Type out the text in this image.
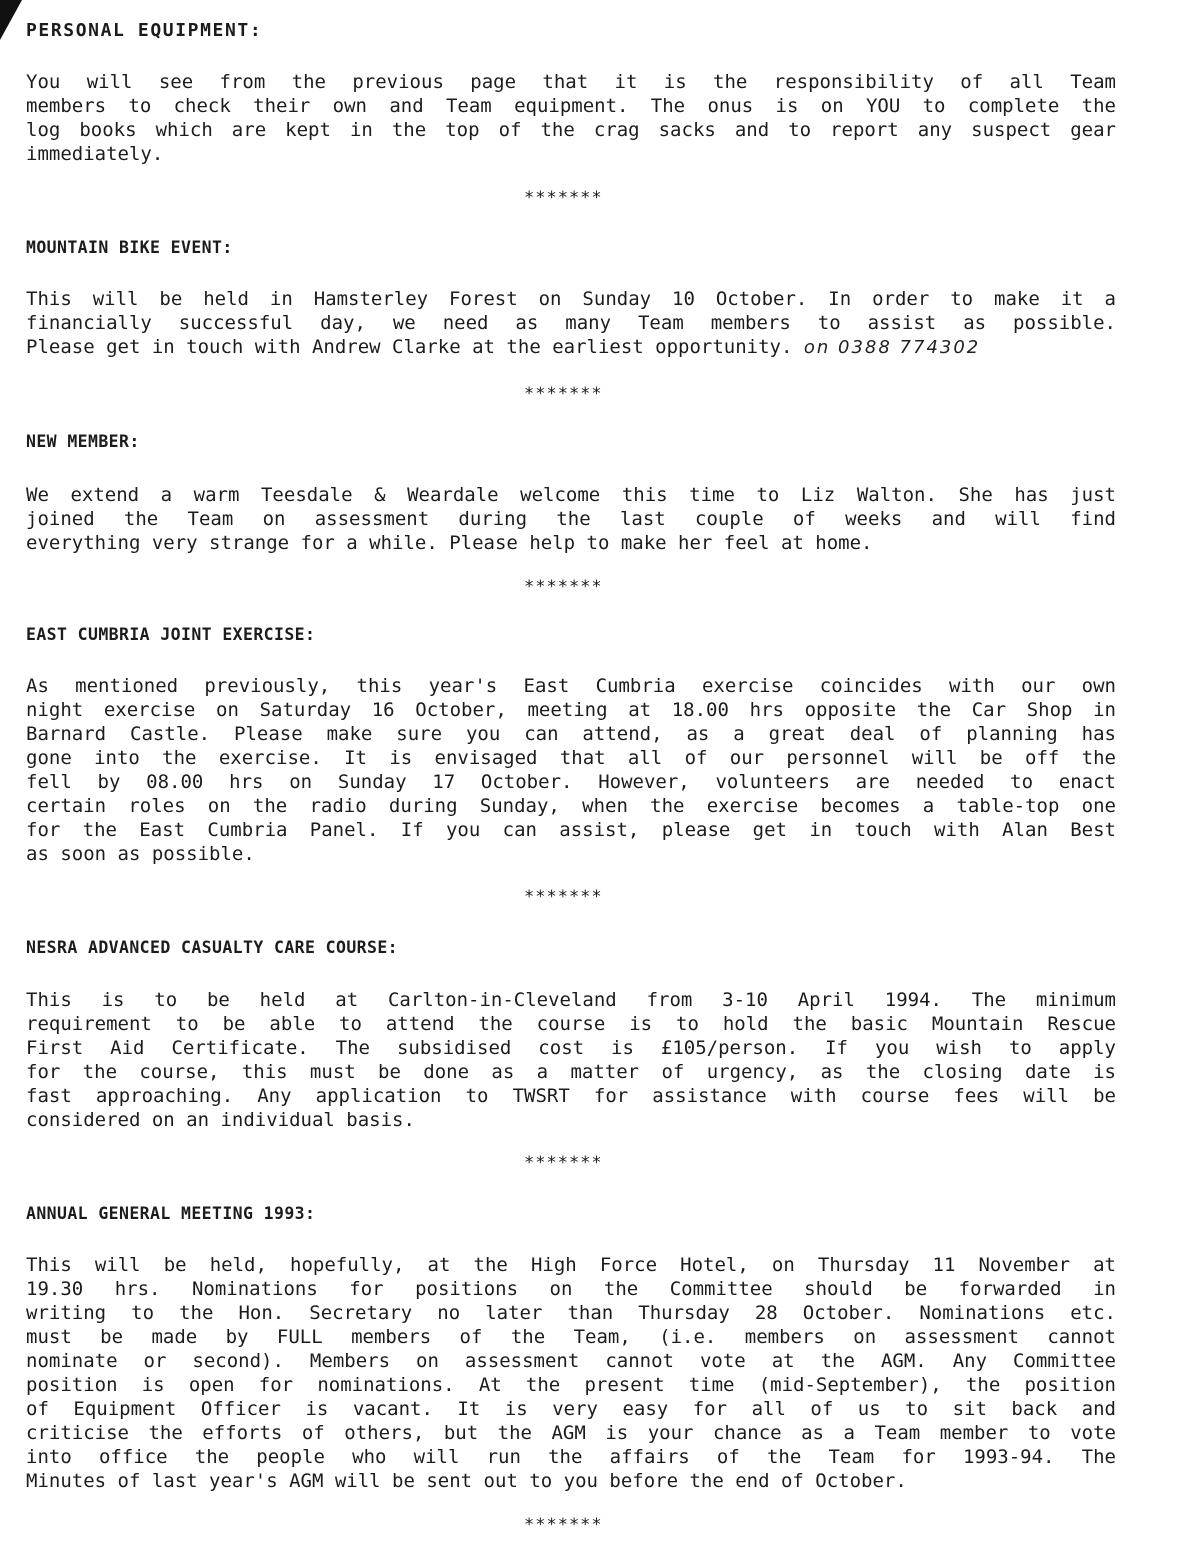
PERSONAL EQUIPMENT:

You will see from the previous page that it is the responsibility of all Team
members to check their own and Team equipment. The onus is on YOU to complete the
log books which are kept in the top of the crag sacks and to report any suspect gear
immediately.

*******
MOUNTAIN BIKE EVENT:

This will be held in Hamsterley Forest on Sunday 10 October. In order to make it a
financially successful day, we need as many Team members to assist as possible.
Please get in touch with Andrew Clarke at the earliest opportunity. on 0388 774302

*******
NEW MEMBER:

We extend a warm Teesdale & Weardale welcome this time to Liz Walton. She has just
joined the Team on assessment during the last couple of weeks and will find
everything very strange for a while. Please help to make her feel at home.

*******
EAST CUMBRIA JOINT EXERCISE:

As mentioned previously, this year's East Cumbria exercise coincides with our own
night exercise on Saturday 16 October, meeting at 18.00 hrs opposite the Car Shop in
Barnard Castle. Please make sure you can attend, as a great deal of planning has
gone into the exercise. It is envisaged that all of our personnel will be off the
fell by 08.00 hrs on Sunday 17 October. However, volunteers are needed to enact
certain roles on the radio during Sunday, when the exercise becomes a table-top one
for the East Cumbria Panel. If you can assist, please get in touch with Alan Best
as soon as possible.

*******
NESRA ADVANCED CASUALTY CARE COURSE:

This is to be held at Carlton-in-Cleveland from 3-10 April 1994. The minimum
requirement to be able to attend the course is to hold the basic Mountain Rescue
First Aid Certificate. The subsidised cost is £105/person. If you wish to apply
for the course, this must be done as a matter of urgency, as the closing date is
fast approaching. Any application to TWSRT for assistance with course fees will be
considered on an individual basis.

*******
ANNUAL GENERAL MEETING 1993:

This will be held, hopefully, at the High Force Hotel, on Thursday 11 November at
19.30 hrs. Nominations for positions on the Committee should be forwarded in
writing to the Hon. Secretary no later than Thursday 28 October. Nominations etc.
must be made by FULL members of the Team, (i.e. members on assessment cannot
nominate or second). Members on assessment cannot vote at the AGM. Any Committee
position is open for nominations. At the present time (mid-September), the position
of Equipment Officer is vacant. It is very easy for all of us to sit back and
criticise the efforts of others, but the AGM is your chance as a Team member to vote
into office the people who will run the affairs of the Team for 1993-94. The
Minutes of last year's AGM will be sent out to you before the end of October.

*******
